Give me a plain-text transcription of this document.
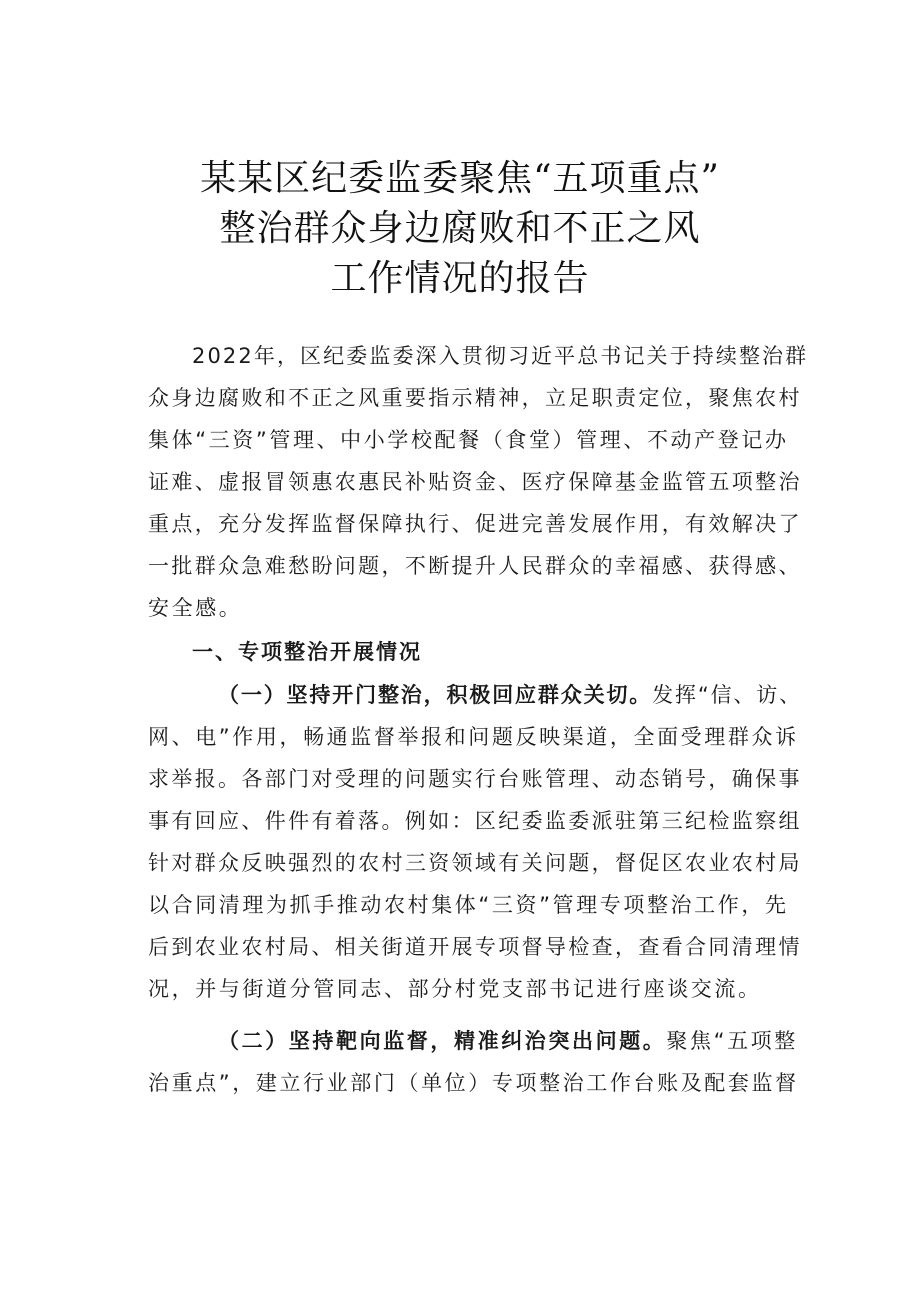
某某区纪委监委聚焦“五项重点”
整治群众身边腐败和不正之风
工作情况的报告
2022年，区纪委监委深入贯彻习近平总书记关于持续整治群
众身边腐败和不正之风重要指示精神，立足职责定位，聚焦农村
集体“三资”管理、中小学校配餐（食堂）管理、不动产登记办
证难、虚报冒领惠农惠民补贴资金、医疗保障基金监管五项整治
重点，充分发挥监督保障执行、促进完善发展作用，有效解决了
一批群众急难愁盼问题，不断提升人民群众的幸福感、获得感、
安全感。
一、专项整治开展情况
（一）坚持开门整治，积极回应群众关切。发挥“信、访、
网、电”作用，畅通监督举报和问题反映渠道，全面受理群众诉
求举报。各部门对受理的问题实行台账管理、动态销号，确保事
事有回应、件件有着落。例如：区纪委监委派驻第三纪检监察组
针对群众反映强烈的农村三资领域有关问题，督促区农业农村局
以合同清理为抓手推动农村集体“三资”管理专项整治工作，先
后到农业农村局、相关街道开展专项督导检查，查看合同清理情
况，并与街道分管同志、部分村党支部书记进行座谈交流。
（二）坚持靶向监督，精准纠治突出问题。聚焦“五项整
治重点”，建立行业部门（单位）专项整治工作台账及配套监督
